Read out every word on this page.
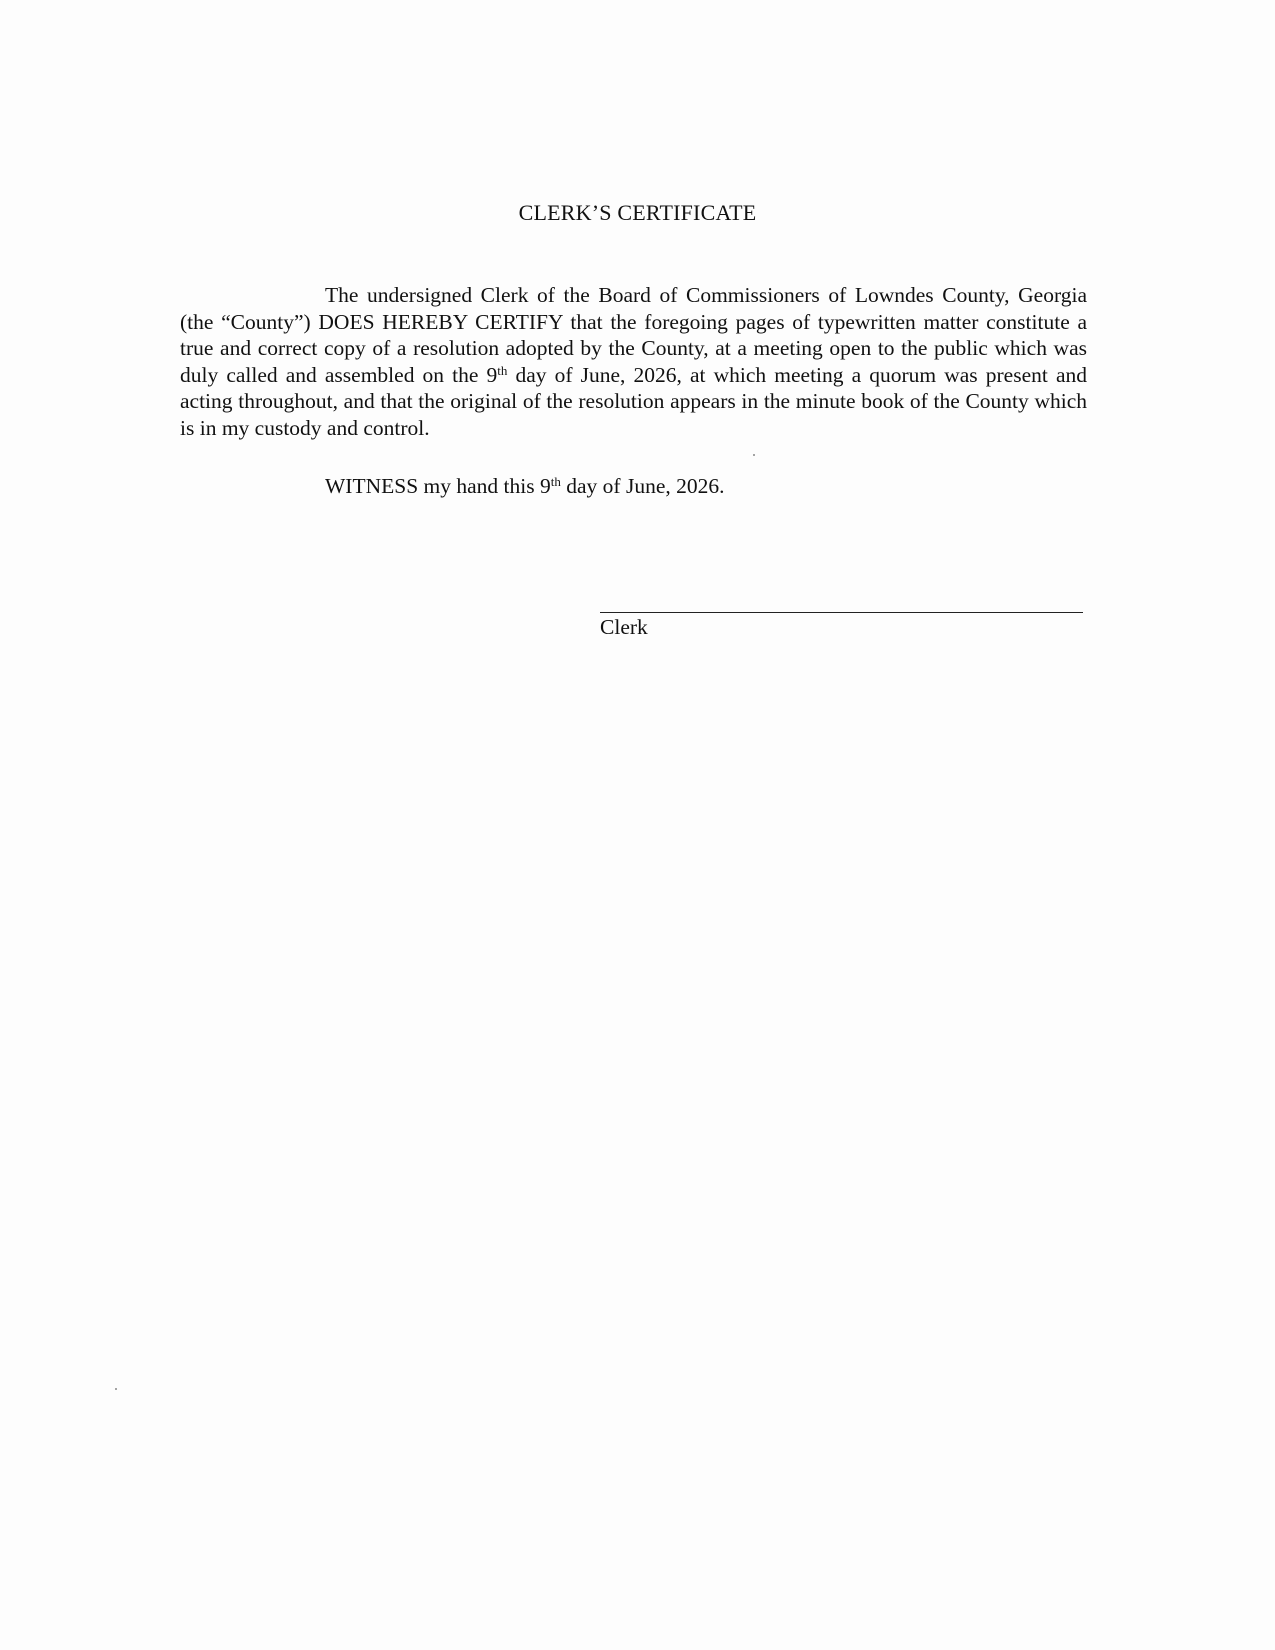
CLERK’S CERTIFICATE

The undersigned Clerk of the Board of Commissioners of Lowndes County, Georgia (the “County”) DOES HEREBY CERTIFY that the foregoing pages of typewritten matter constitute a true and correct copy of a resolution adopted by the County, at a meeting open to the public which was duly called and assembled on the 9th day of June, 2026, at which meeting a quorum was present and acting throughout, and that the original of the resolution appears in the minute book of the County which is in my custody and control.

WITNESS my hand this 9th day of June, 2026.
Clerk
